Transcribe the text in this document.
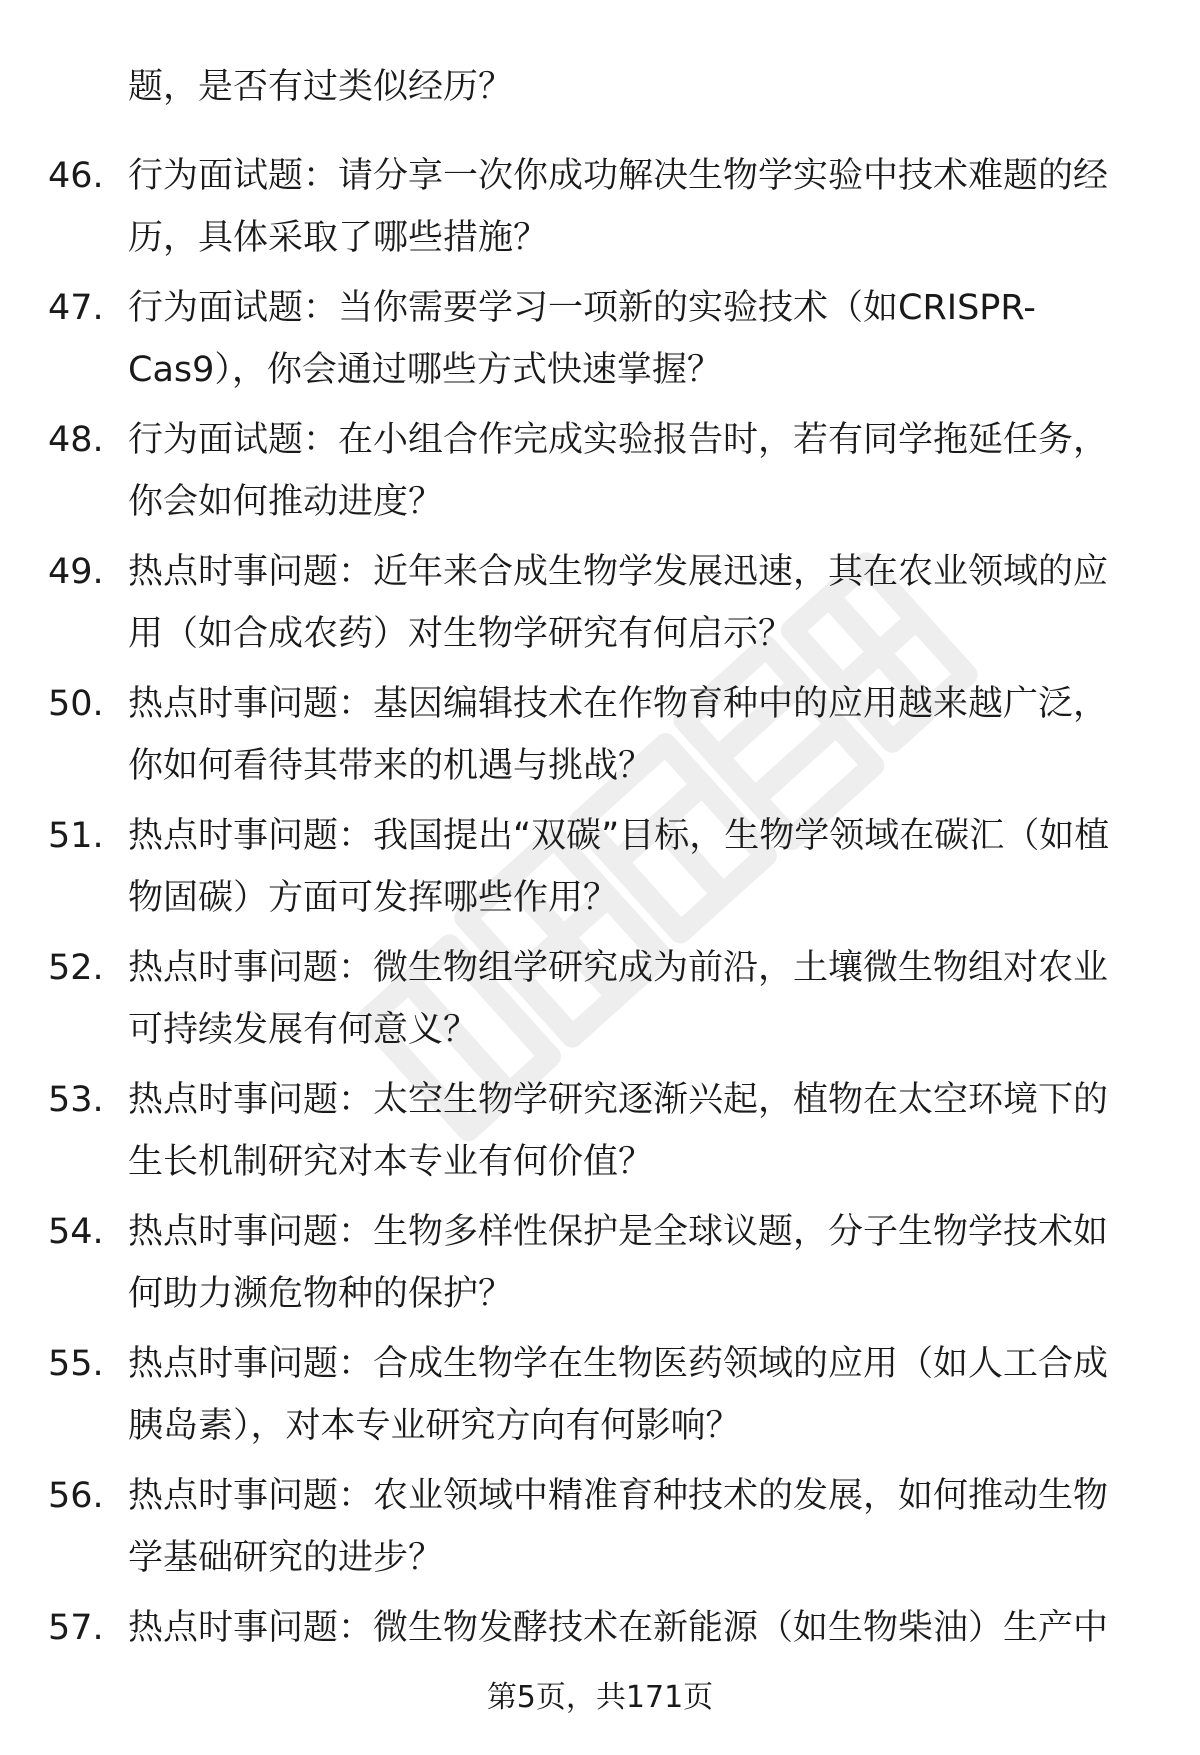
题，是否有过类似经历？

46. 行为面试题：请分享一次你成功解决生物学实验中技术难题的经历，具体采取了哪些措施？
47. 行为面试题：当你需要学习一项新的实验技术（如CRISPR-Cas9），你会通过哪些方式快速掌握？
48. 行为面试题：在小组合作完成实验报告时，若有同学拖延任务，你会如何推动进度？
49. 热点时事问题：近年来合成生物学发展迅速，其在农业领域的应用（如合成农药）对生物学研究有何启示？
50. 热点时事问题：基因编辑技术在作物育种中的应用越来越广泛，你如何看待其带来的机遇与挑战？
51. 热点时事问题：我国提出“双碳”目标，生物学领域在碳汇（如植物固碳）方面可发挥哪些作用？
52. 热点时事问题：微生物组学研究成为前沿，土壤微生物组对农业可持续发展有何意义？
53. 热点时事问题：太空生物学研究逐渐兴起，植物在太空环境下的生长机制研究对本专业有何价值？
54. 热点时事问题：生物多样性保护是全球议题，分子生物学技术如何助力濒危物种的保护？
55. 热点时事问题：合成生物学在生物医药领域的应用（如人工合成胰岛素），对本专业研究方向有何影响？
56. 热点时事问题：农业领域中精准育种技术的发展，如何推动生物学基础研究的进步？
57. 热点时事问题：微生物发酵技术在新能源（如生物柴油）生产中
第5页，共171页
